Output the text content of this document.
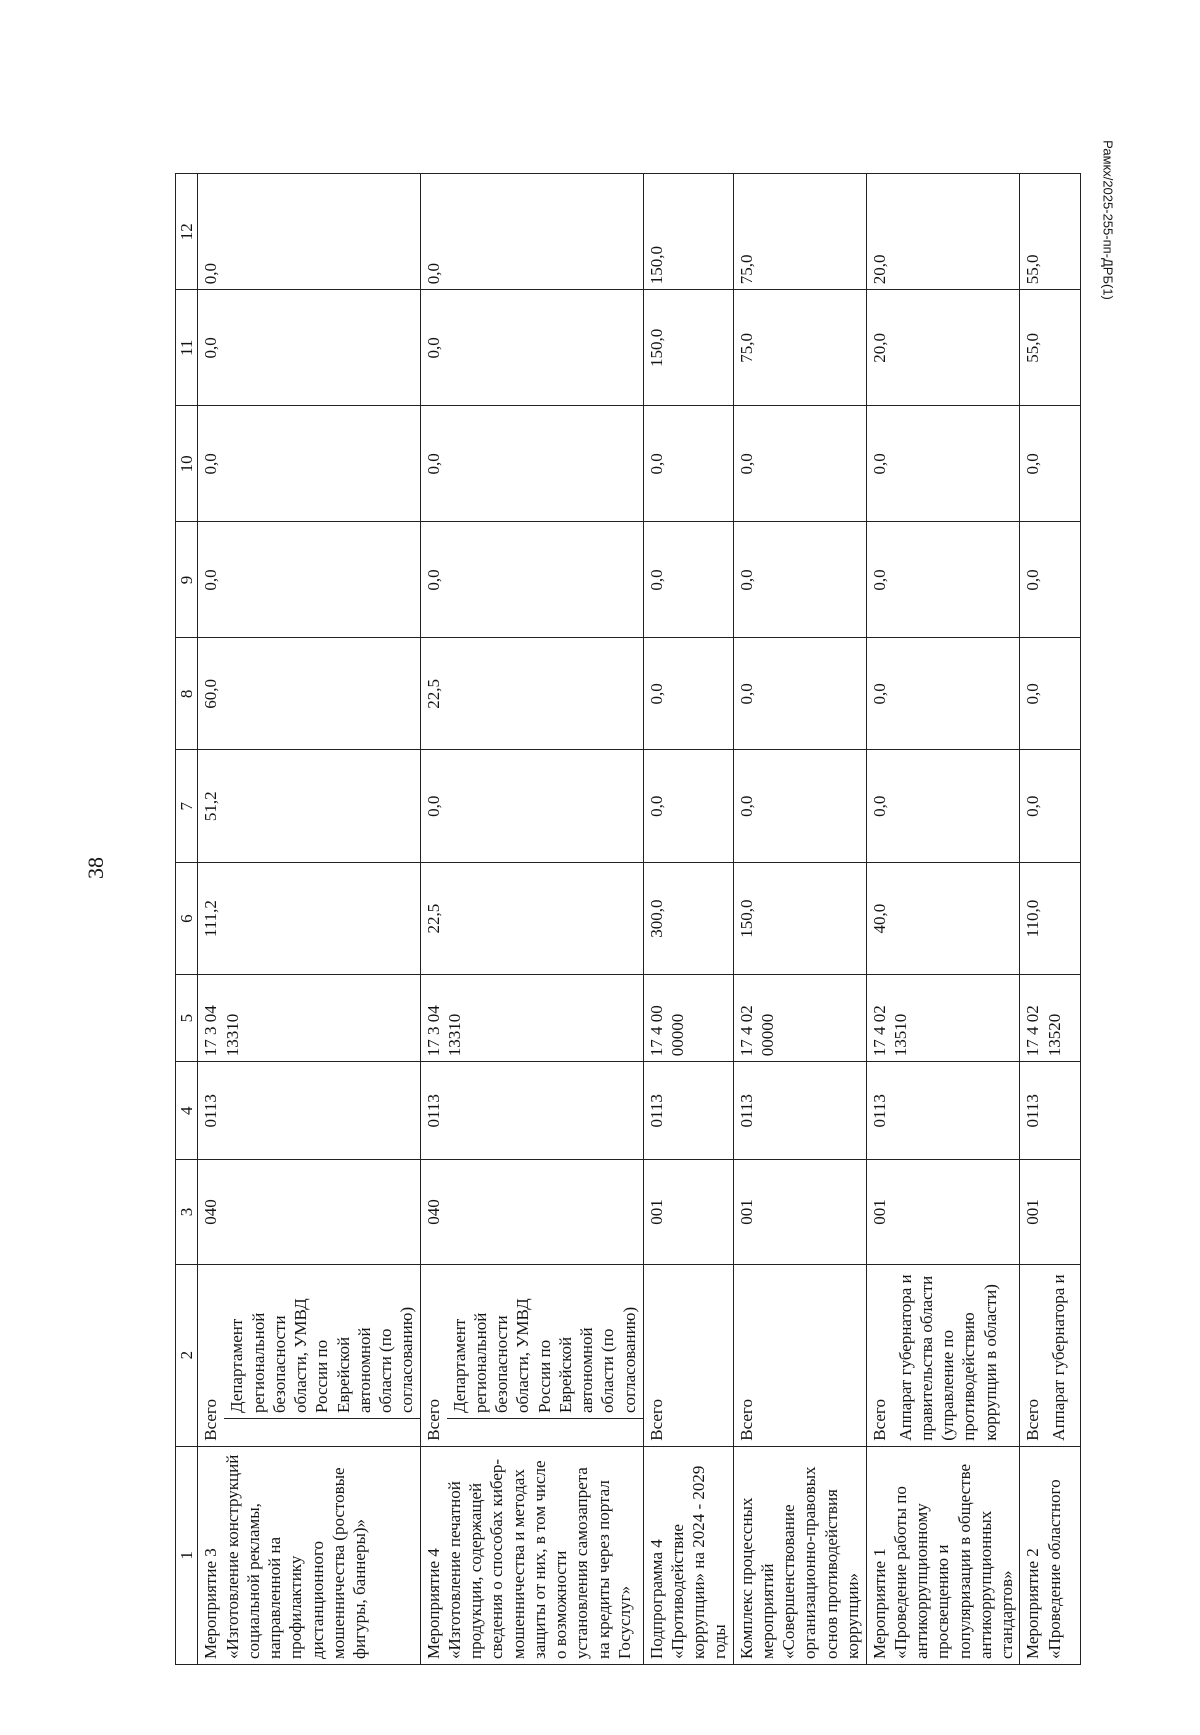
38
Рамкх/2025-255-пп-ДРБ(1)
1	2		3	4	5	6	7	8	9	10	11	12
Мероприятие 3 «Изготовление конструкций социальной рекламы, направленной на профилактику дистанционного мошенничества (ростовые фигуры, баннеры)»	Всего		040	0113	17 3 04 13310	111,2	51,2	60,0	0,0	0,0	0,0	0,0
		Департамент региональной безопасности области, УМВД России по Еврейской автономной области (по согласованию)										
Мероприятие 4 «Изготовление печатной продукции, содержащей сведения о способах кибер-мошенничества и методах защиты от них, в том числе о возможности установления самозапрета на кредиты через портал Госуслуг»	Всего		040	0113	17 3 04 13310	22,5	0,0	22,5	0,0	0,0	0,0	0,0
		Департамент региональной безопасности области, УМВД России по Еврейской автономной области (по согласованию)										
Подпрограмма 4 «Противодействие коррупции» на 2024 - 2029 годы	Всего		001	0113	17 4 00 00000	300,0	0,0	0,0	0,0	0,0	150,0	150,0
Комплекс процессных мероприятий «Совершенствование организационно-правовых основ противодействия коррупции»	Всего		001	0113	17 4 02 00000	150,0	0,0	0,0	0,0	0,0	75,0	75,0
Мероприятие 1 «Проведение работы по антикоррупционному просвещению и популяризации в обществе антикоррупционных стандартов»	Всего		001	0113	17 4 02 13510	40,0	0,0	0,0	0,0	0,0	20,0	20,0
	Аппарат губернатора и правительства области (управление по противодействию коррупции в области)											
Мероприятие 2 «Проведение областного	Всего		001	0113	17 4 02 13520	110,0	0,0	0,0	0,0	0,0	55,0	55,0
	Аппарат губернатора и											
